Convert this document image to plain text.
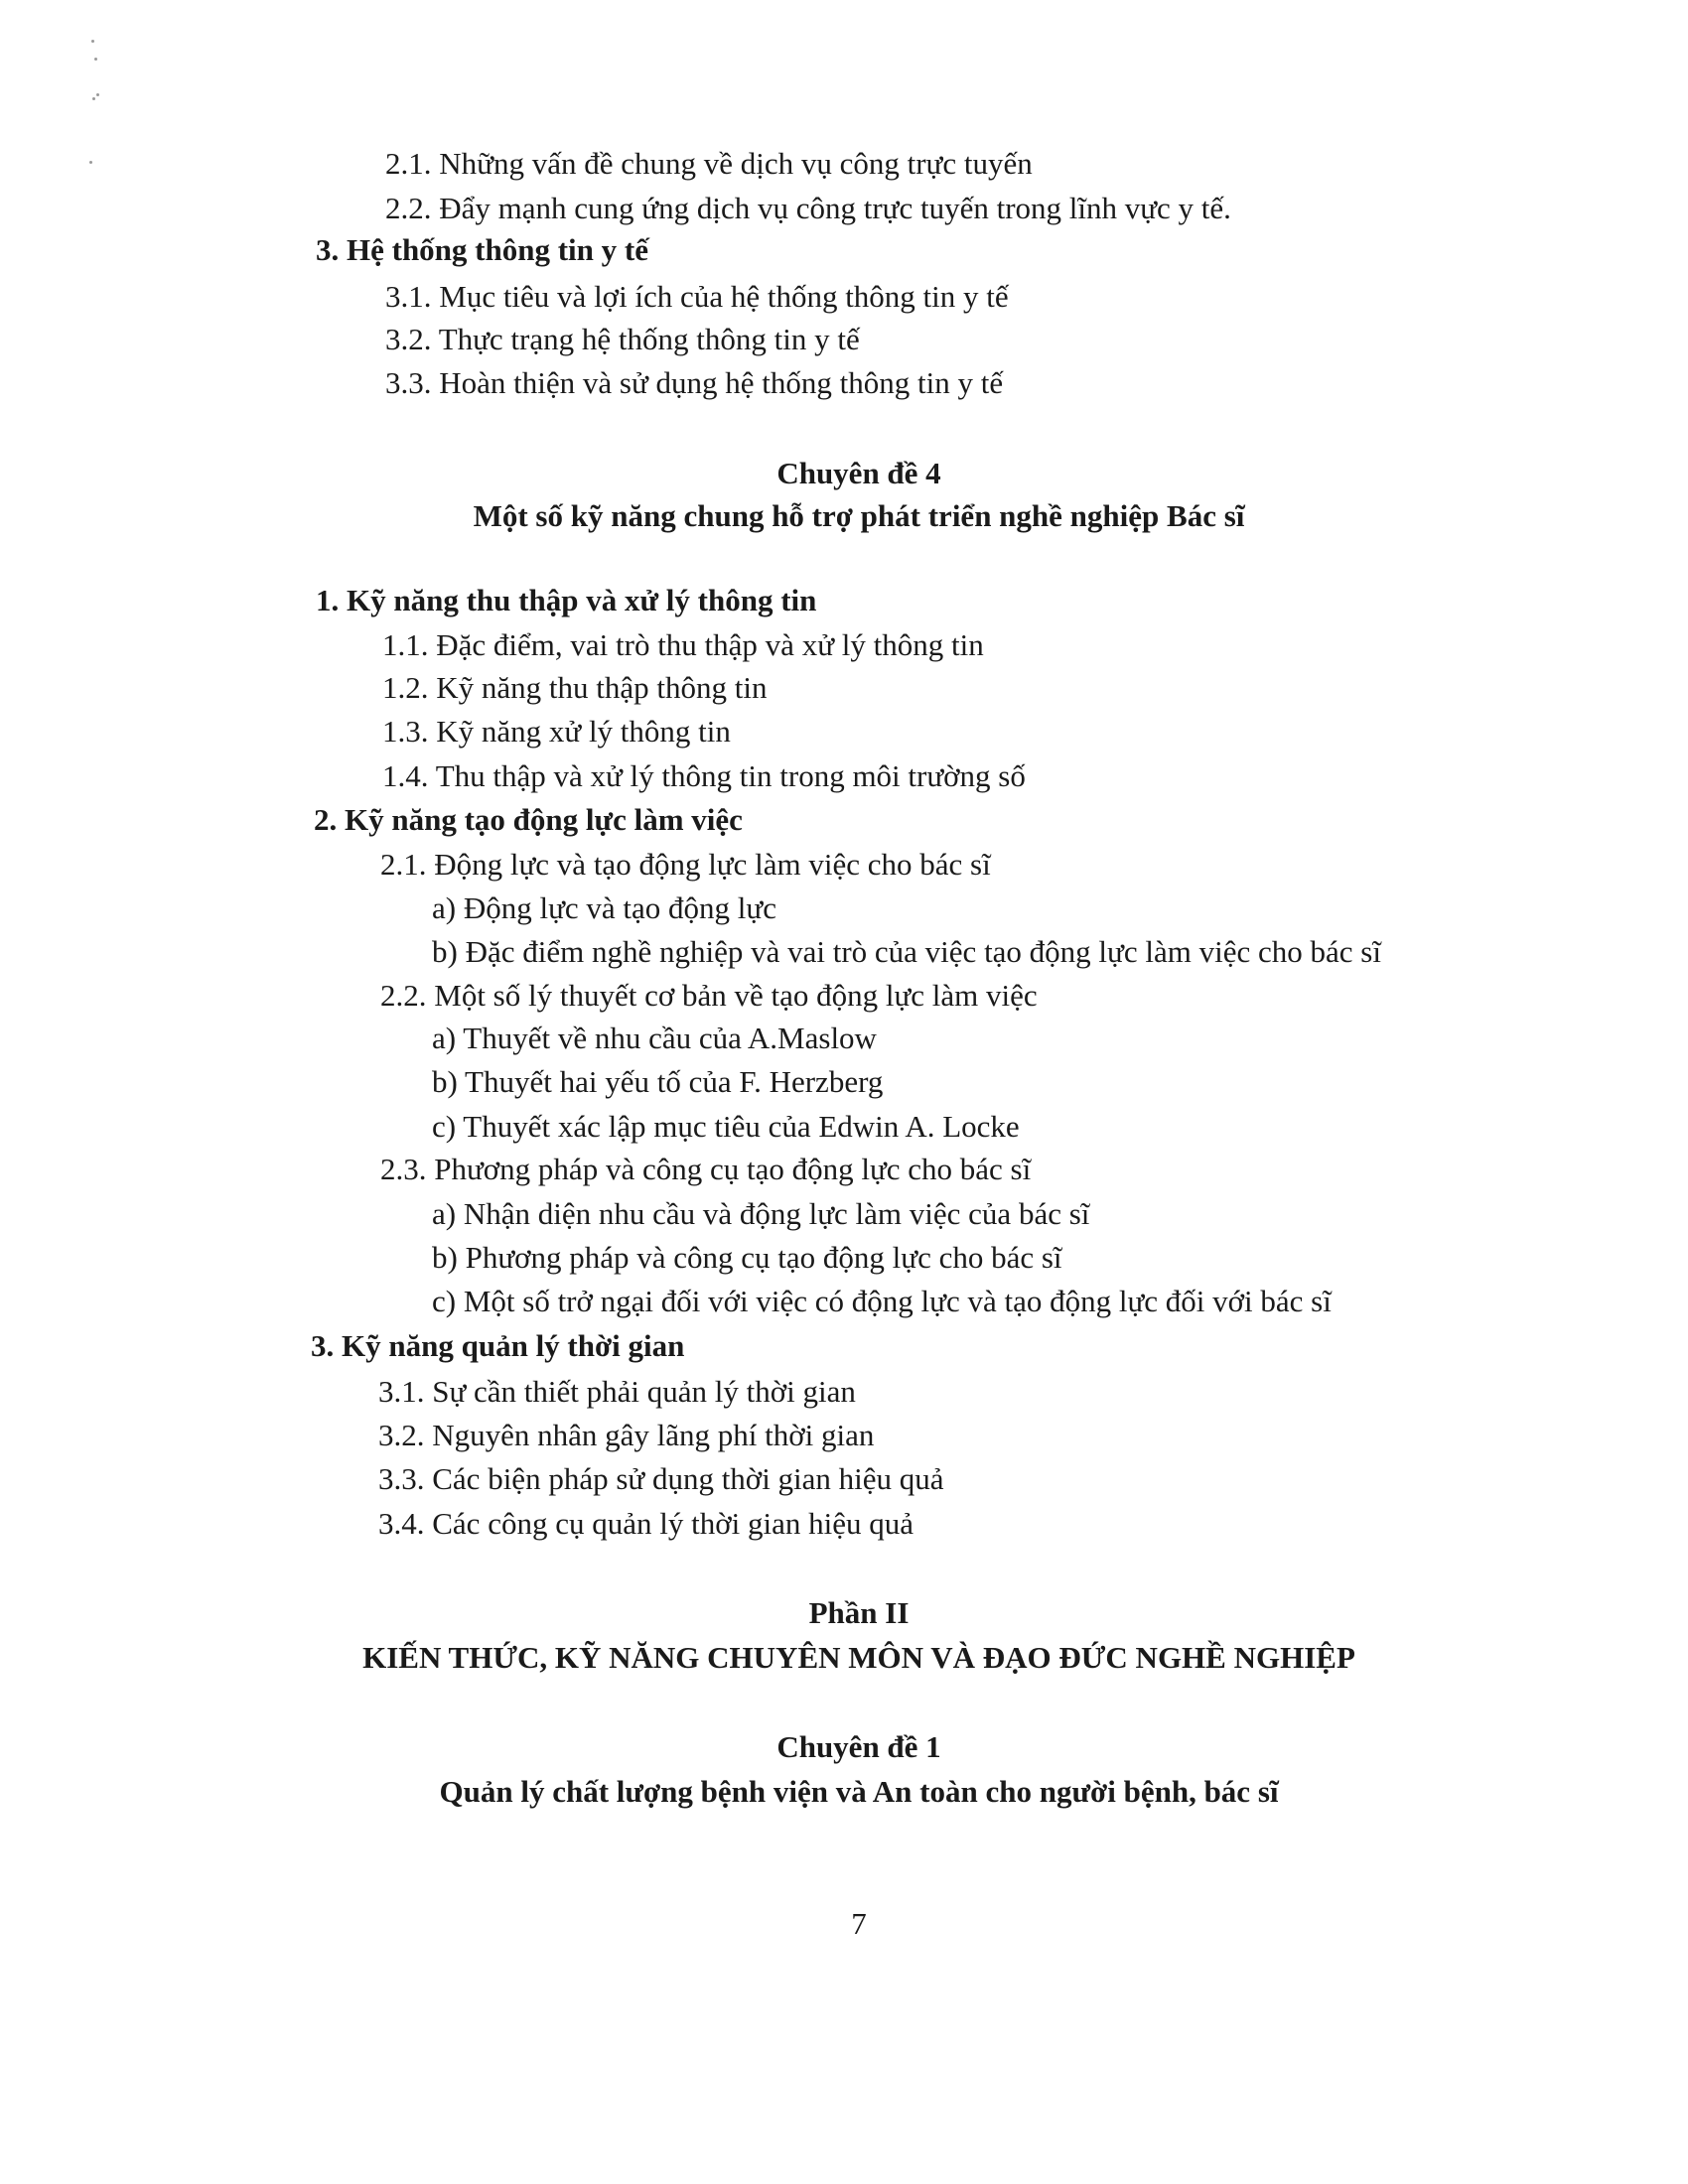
2.1. Những vấn đề chung về dịch vụ công trực tuyến
2.2. Đẩy mạnh cung ứng dịch vụ công trực tuyến trong lĩnh vực y tế.
3. Hệ thống thông tin y tế
3.1. Mục tiêu và lợi ích của hệ thống thông tin y tế
3.2. Thực trạng hệ thống thông tin y tế
3.3. Hoàn thiện và sử dụng hệ thống thông tin y tế
Chuyên đề 4
Một số kỹ năng chung hỗ trợ phát triển nghề nghiệp Bác sĩ
1. Kỹ năng thu thập và xử lý thông tin
1.1. Đặc điểm, vai trò thu thập và xử lý thông tin
1.2. Kỹ năng thu thập thông tin
1.3. Kỹ năng xử lý thông tin
1.4. Thu thập và xử lý thông tin trong môi trường số
2. Kỹ năng tạo động lực làm việc
2.1. Động lực và tạo động lực làm việc cho bác sĩ
a) Động lực và tạo động lực
b) Đặc điểm nghề nghiệp và vai trò của việc tạo động lực làm việc cho bác sĩ
2.2. Một số lý thuyết cơ bản về tạo động lực làm việc
a) Thuyết về nhu cầu của A.Maslow
b) Thuyết hai yếu tố của F. Herzberg
c) Thuyết xác lập mục tiêu của Edwin A. Locke
2.3. Phương pháp và công cụ tạo động lực cho bác sĩ
a) Nhận diện nhu cầu và động lực làm việc của bác sĩ
b) Phương pháp và công cụ tạo động lực cho bác sĩ
c) Một số trở ngại đối với việc có động lực và tạo động lực đối với bác sĩ
3. Kỹ năng quản lý thời gian
3.1. Sự cần thiết phải quản lý thời gian
3.2. Nguyên nhân gây lãng phí thời gian
3.3. Các biện pháp sử dụng thời gian hiệu quả
3.4. Các công cụ quản lý thời gian hiệu quả
Phần II
KIẾN THỨC, KỸ NĂNG CHUYÊN MÔN VÀ ĐẠO ĐỨC NGHỀ NGHIỆP
Chuyên đề 1
Quản lý chất lượng bệnh viện và An toàn cho người bệnh, bác sĩ
7
